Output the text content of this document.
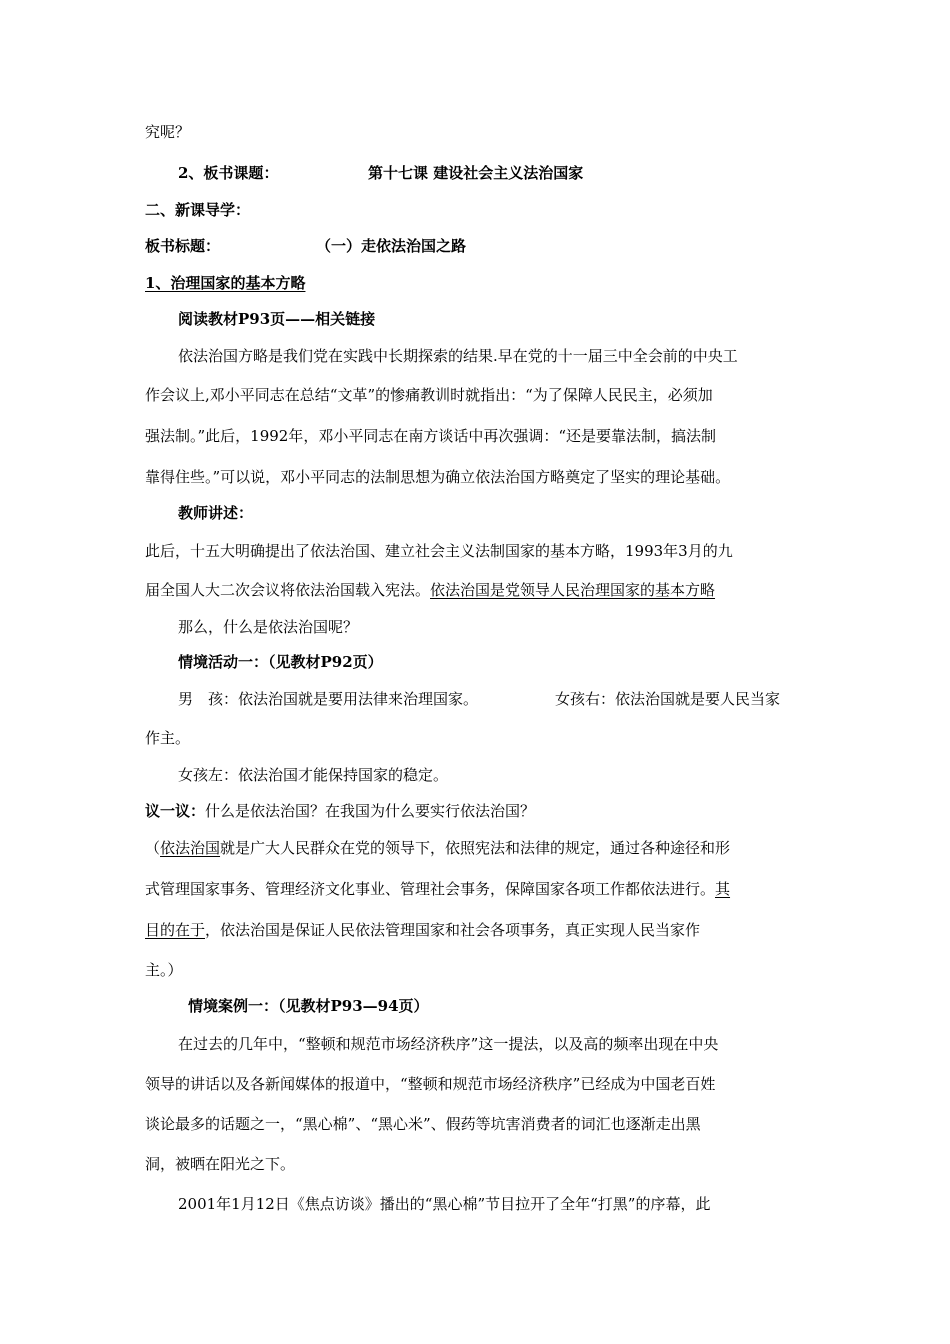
究呢？
2、板书课题：	第十七课 建设社会主义法治国家
二、新课导学：
板书标题：	（一）走依法治国之路
1、治理国家的基本方略
阅读教材P93页——相关链接
依法治国方略是我们党在实践中长期探索的结果.早在党的十一届三中全会前的中央工
作会议上,邓小平同志在总结“文革”的惨痛教训时就指出：“为了保障人民民主，必须加
强法制。”此后，1992年，邓小平同志在南方谈话中再次强调：“还是要靠法制，搞法制
靠得住些。”可以说，邓小平同志的法制思想为确立依法治国方略奠定了坚实的理论基础。
教师讲述：
此后，十五大明确提出了依法治国、建立社会主义法制国家的基本方略，1993年3月的九
届全国人大二次会议将依法治国载入宪法。依法治国是党领导人民治理国家的基本方略
那么，什么是依法治国呢？
情境活动一：（见教材P92页）
男　孩：依法治国就是要用法律来治理国家。	女孩右：依法治国就是要人民当家
作主。
女孩左：依法治国才能保持国家的稳定。
议一议：什么是依法治国？在我国为什么要实行依法治国？
（依法治国就是广大人民群众在党的领导下，依照宪法和法律的规定，通过各种途径和形
式管理国家事务、管理经济文化事业、管理社会事务，保障国家各项工作都依法进行。其
目的在于，依法治国是保证人民依法管理国家和社会各项事务，真正实现人民当家作
主。）
情境案例一：（见教材P93—94页）
在过去的几年中，“整顿和规范市场经济秩序”这一提法，以及高的频率出现在中央
领导的讲话以及各新闻媒体的报道中，“整顿和规范市场经济秩序”已经成为中国老百姓
谈论最多的话题之一，“黑心棉”、“黑心米”、假药等坑害消费者的词汇也逐渐走出黑
洞，被晒在阳光之下。
2001年1月12日《焦点访谈》播出的“黑心棉”节目拉开了全年“打黑”的序幕，此
